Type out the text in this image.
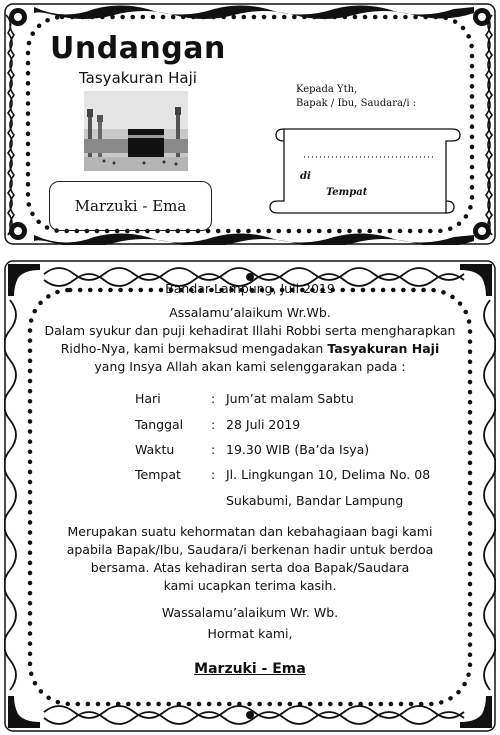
Undangan
Tasyakuran Haji
Marzuki - Ema
Kepada Yth,
Bapak / Ibu, Saudara/i :
di
Tempat
Bandar Lampung, Juli 2019
Assalamu’alaikum Wr.Wb.
Dalam syukur dan puji kehadirat Illahi Robbi serta mengharapkan
Ridho-Nya, kami bermaksud mengadakan Tasyakuran Haji
yang Insya Allah akan kami selenggarakan pada :
Hari	: Jum’at malam Sabtu
Tanggal : 28 Juli 2019
Waktu	: 19.30 WIB (Ba’da Isya)
Tempat : Jl. Lingkungan 10, Delima No. 08
Sukabumi, Bandar Lampung
Merupakan suatu kehormatan dan kebahagiaan bagi kami
apabila Bapak/Ibu, Saudara/i berkenan hadir untuk berdoa
bersama. Atas kehadiran serta doa Bapak/Saudara
kami ucapkan terima kasih.
Wassalamu’alaikum Wr. Wb.
Hormat kami,
Marzuki - Ema
